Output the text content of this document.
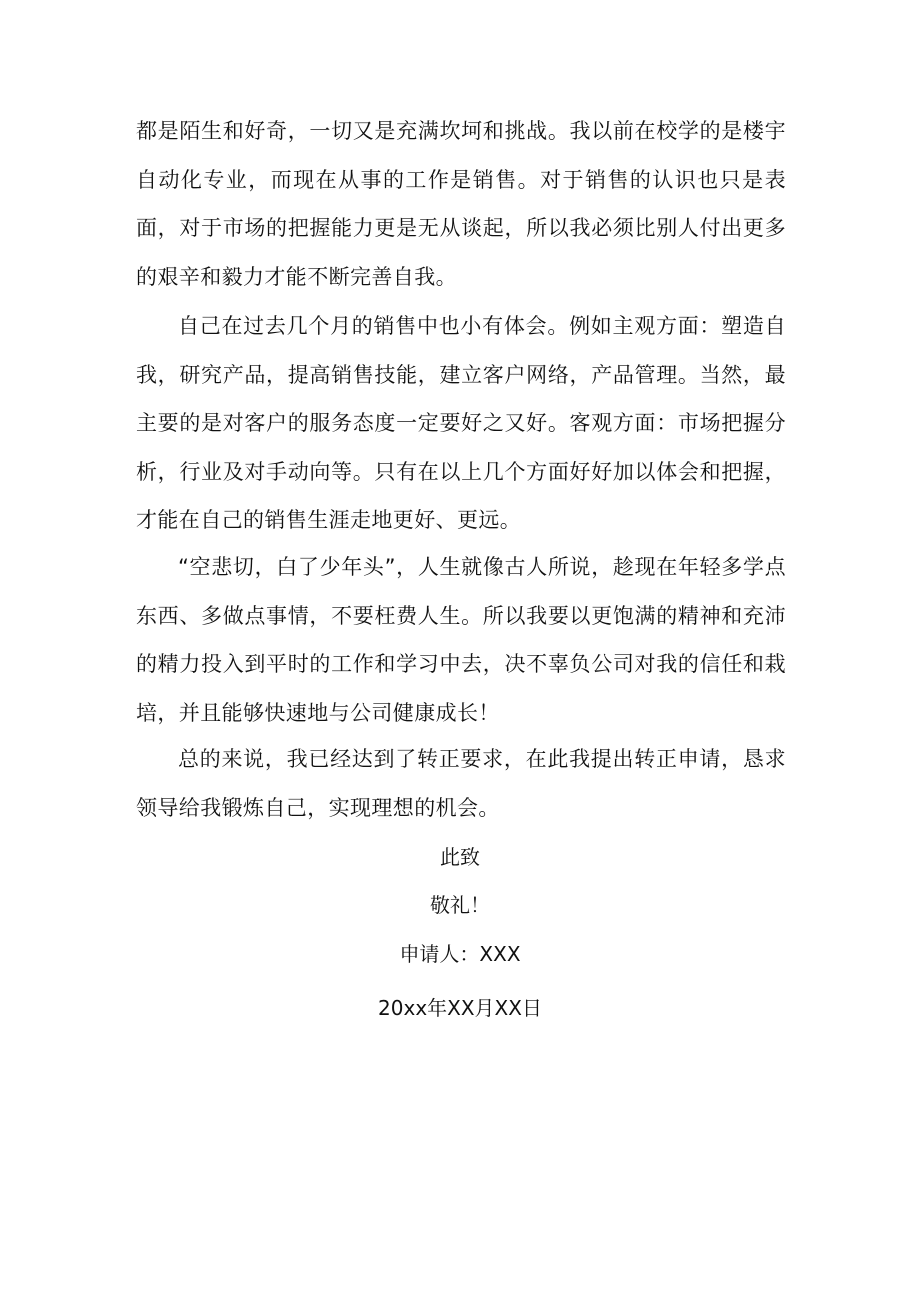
都是陌生和好奇，一切又是充满坎坷和挑战。我以前在校学的是楼宇自动化专业，而现在从事的工作是销售。对于销售的认识也只是表面，对于市场的把握能力更是无从谈起，所以我必须比别人付出更多的艰辛和毅力才能不断完善自我。

自己在过去几个月的销售中也小有体会。例如主观方面：塑造自我，研究产品，提高销售技能，建立客户网络，产品管理。当然，最主要的是对客户的服务态度一定要好之又好。客观方面：市场把握分析，行业及对手动向等。只有在以上几个方面好好加以体会和把握，才能在自己的销售生涯走地更好、更远。

“空悲切，白了少年头”，人生就像古人所说，趁现在年轻多学点东西、多做点事情，不要枉费人生。所以我要以更饱满的精神和充沛的精力投入到平时的工作和学习中去，决不辜负公司对我的信任和栽培，并且能够快速地与公司健康成长！

总的来说，我已经达到了转正要求，在此我提出转正申请，恳求领导给我锻炼自己，实现理想的机会。

此致

敬礼！

申请人：XXX

20xx年XX月XX日
